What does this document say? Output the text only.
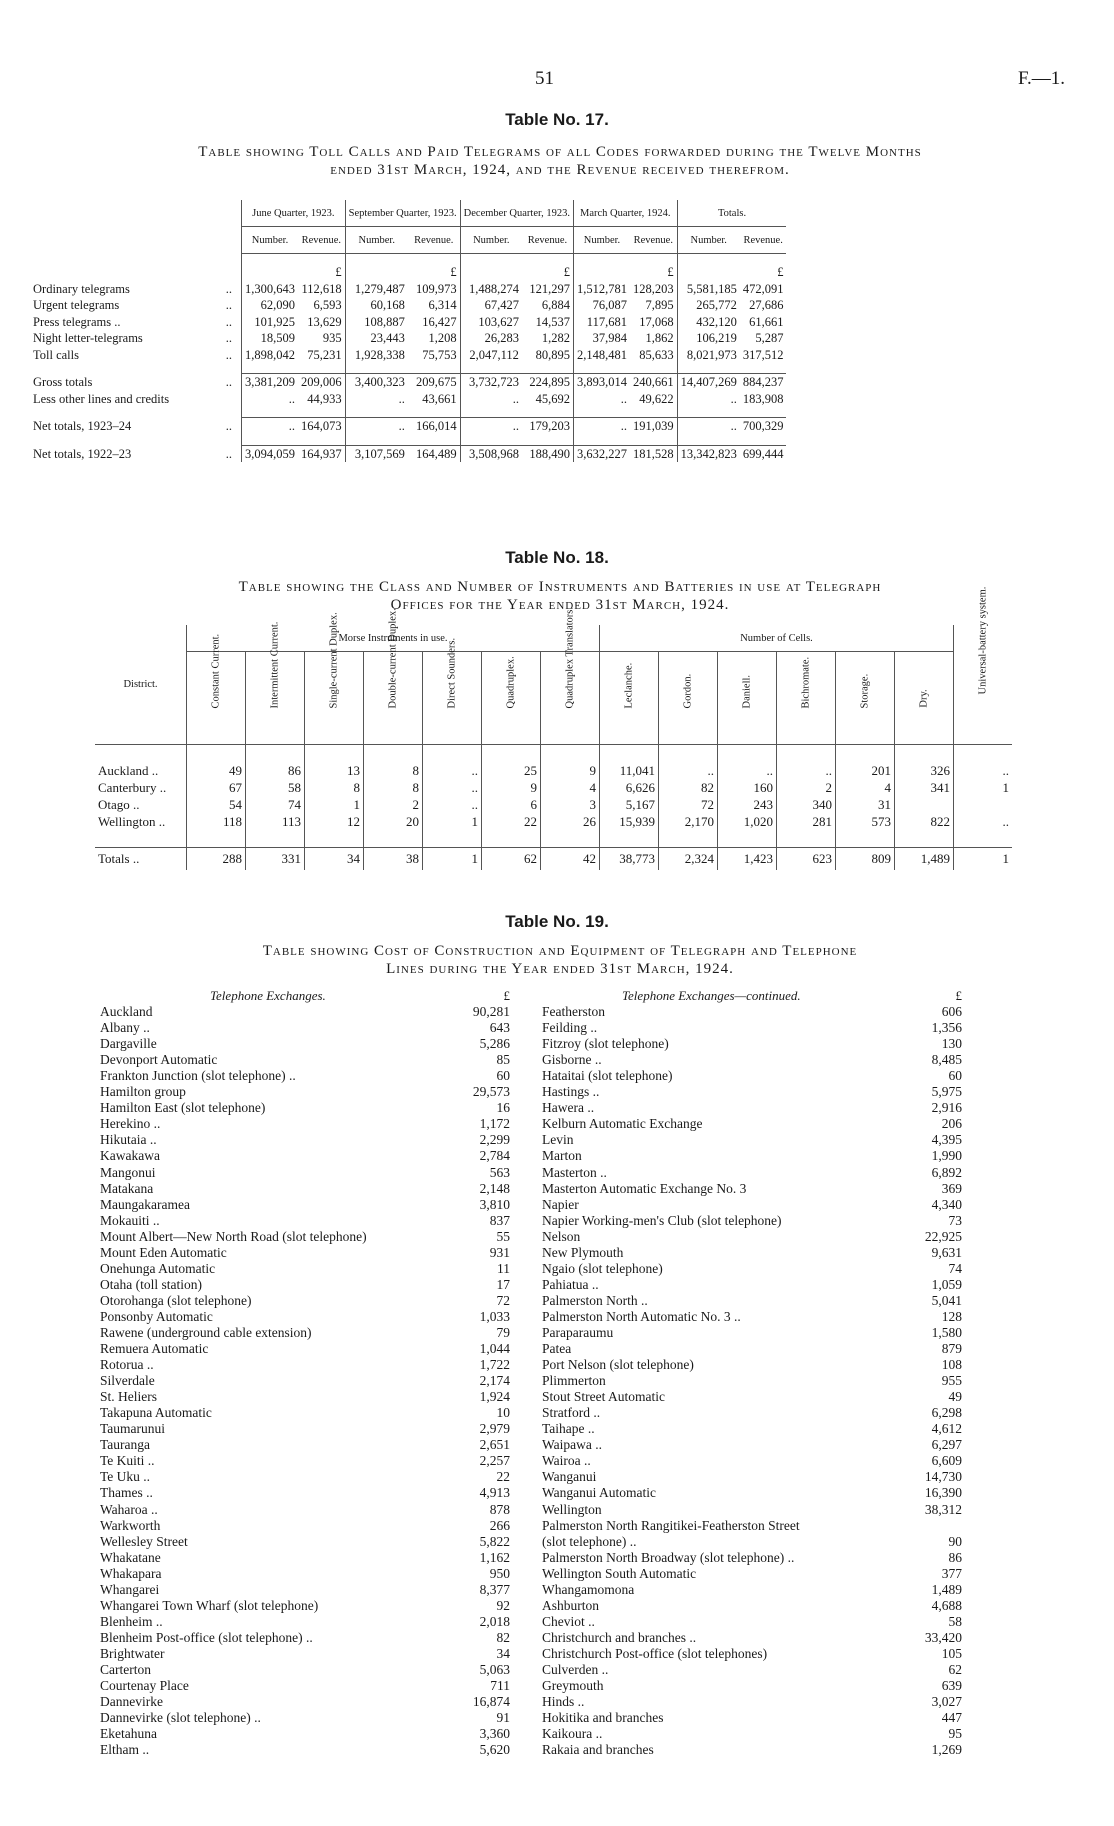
51	F.—1.
Table No. 17.
Table showing Toll Calls and Paid Telegrams of all Codes forwarded during the Twelve Months
ended 31st March, 1924, and the Revenue received therefrom.
	June Quarter, 1923.		September Quarter, 1923.		December Quarter, 1923.		March Quarter, 1924.		Totals.	
	Number.	Revenue.	Number.	Revenue.	Number.	Revenue.	Number.	Revenue.	Number.	Revenue.
		£		£		£		£		£
Ordinary telegrams ..	1,300,643	112,618	1,279,487	109,973	1,488,274	121,297	1,512,781	128,203	5,581,185	472,091
Urgent telegrams ..	62,090	6,593	60,168	6,314	67,427	6,884	76,087	7,895	265,772	27,686
Press telegrams .. ..	101,925	13,629	108,887	16,427	103,627	14,537	117,681	17,068	432,120	61,661
Night letter-telegrams ..	18,509	935	23,443	1,208	26,283	1,282	37,984	1,862	106,219	5,287
Toll calls ..	1,898,042	75,231	1,928,338	75,753	2,047,112	80,895	2,148,481	85,633	8,021,973	317,512

Gross totals ..	3,381,209	209,006	3,400,323	209,675	3,732,723	224,895	3,893,014	240,661	14,407,269	884,237
Less other lines and credits	..	44,933	..	43,661	..	45,692	..	49,622	..	183,908

Net totals, 1923–24 ..	..	164,073	..	166,014	..	179,203	..	191,039	..	700,329

Net totals, 1922–23 ..	3,094,059	164,937	3,107,569	164,489	3,508,968	188,490	3,632,227	181,528	13,342,823	699,444
Table No. 18.
Table showing the Class and Number of Instruments and Batteries in use at Telegraph
Offices for the Year ended 31st March, 1924.
District.	Morse Instruments in use.							Number of Cells.						Universal-battery system.

	Constant Current.	Intermittent Current.	Single-current Duplex.	Double-current Duplex.	Direct Sounders.	Quadruplex.	Quadruplex Translators.	Leclanche.	Gordon.	Daniell.	Bichromate.	Storage.	Dry.	

Auckland ..	49	86	13	8	..	25	9	11,041	..	..	..	201	326	..
Canterbury ..	67	58	8	8	..	9	4	6,626	82	160	2	4	341	1
Otago ..	54	74	1	2	..	6	3	5,167	72	243	340	31		
Wellington ..	118	113	12	20	1	22	26	15,939	2,170	1,020	281	573	822	..

Totals ..	288	331	34	38	1	62	42	38,773	2,324	1,423	623	809	1,489	1
Table No. 19.
Table showing Cost of Construction and Equipment of Telegraph and Telephone
Lines during the Year ended 31st March, 1924.
Telephone Exchanges.	£
Auckland	90,281
Albany ..	643
Dargaville	5,286
Devonport Automatic	85
Frankton Junction (slot telephone) ..	60
Hamilton group	29,573
Hamilton East (slot telephone)	16
Herekino ..	1,172
Hikutaia ..	2,299
Kawakawa	2,784
Mangonui	563
Matakana	2,148
Maungakaramea	3,810
Mokauiti ..	837
Mount Albert—New North Road (slot telephone)	55
Mount Eden Automatic	931
Onehunga Automatic	11
Otaha (toll station)	17
Otorohanga (slot telephone)	72
Ponsonby Automatic	1,033
Rawene (underground cable extension)	79
Remuera Automatic	1,044
Rotorua ..	1,722
Silverdale	2,174
St. Heliers	1,924
Takapuna Automatic	10
Taumarunui	2,979
Tauranga	2,651
Te Kuiti ..	2,257
Te Uku ..	22
Thames ..	4,913
Waharoa ..	878
Warkworth	266
Wellesley Street	5,822
Whakatane	1,162
Whakapara	950
Whangarei	8,377
Whangarei Town Wharf (slot telephone)	92
Blenheim ..	2,018
Blenheim Post-office (slot telephone) ..	82
Brightwater	34
Carterton	5,063
Courtenay Place	711
Dannevirke	16,874
Dannevirke (slot telephone) ..	91
Eketahuna	3,360
Eltham ..	5,620
Telephone Exchanges—continued.	£
Featherston	606
Feilding ..	1,356
Fitzroy (slot telephone)	130
Gisborne ..	8,485
Hataitai (slot telephone)	60
Hastings ..	5,975
Hawera ..	2,916
Kelburn Automatic Exchange	206
Levin	4,395
Marton	1,990
Masterton ..	6,892
Masterton Automatic Exchange No. 3	369
Napier	4,340
Napier Working-men's Club (slot telephone)	73
Nelson	22,925
New Plymouth	9,631
Ngaio (slot telephone)	74
Pahiatua ..	1,059
Palmerston North ..	5,041
Palmerston North Automatic No. 3 ..	128
Paraparaumu	1,580
Patea	879
Port Nelson (slot telephone)	108
Plimmerton	955
Stout Street Automatic	49
Stratford ..	6,298
Taihape ..	4,612
Waipawa ..	6,297
Wairoa ..	6,609
Wanganui	14,730
Wanganui Automatic	16,390
Wellington	38,312
Palmerston North Rangitikei-Featherston Street
(slot telephone) ..	90
Palmerston North Broadway (slot telephone) ..	86
Wellington South Automatic	377
Whangamomona	1,489
Ashburton	4,688
Cheviot ..	58
Christchurch and branches ..	33,420
Christchurch Post-office (slot telephones)	105
Culverden ..	62
Greymouth	639
Hinds ..	3,027
Hokitika and branches	447
Kaikoura ..	95
Rakaia and branches	1,269
